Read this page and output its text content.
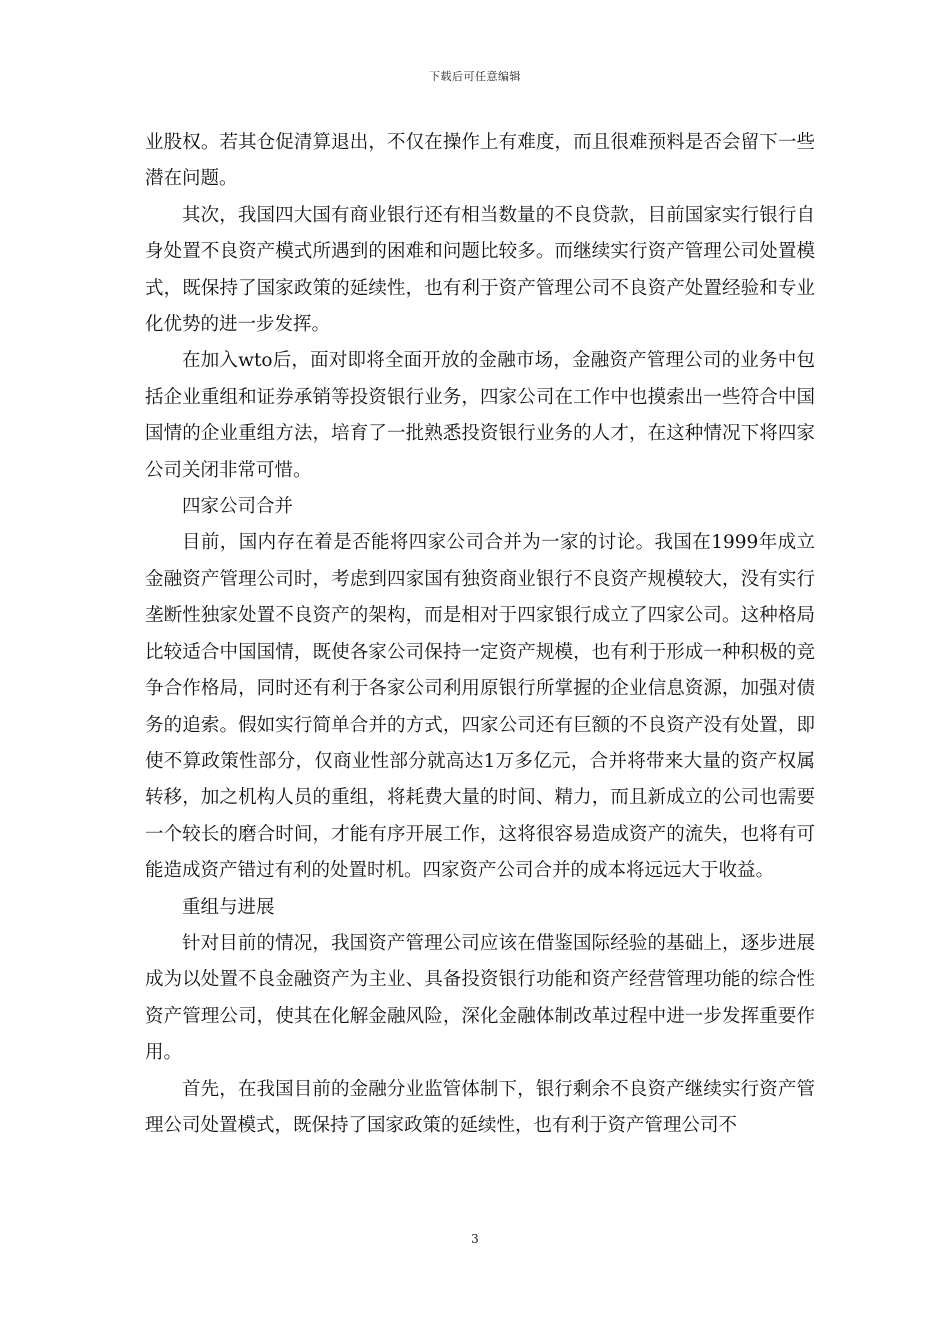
下载后可任意编辑

业股权。若其仓促清算退出，不仅在操作上有难度，而且很难预料是否会留下一些潜在问题。

其次，我国四大国有商业银行还有相当数量的不良贷款，目前国家实行银行自身处置不良资产模式所遇到的困难和问题比较多。而继续实行资产管理公司处置模式，既保持了国家政策的延续性，也有利于资产管理公司不良资产处置经验和专业化优势的进一步发挥。

在加入wto后，面对即将全面开放的金融市场，金融资产管理公司的业务中包括企业重组和证券承销等投资银行业务，四家公司在工作中也摸索出一些符合中国国情的企业重组方法，培育了一批熟悉投资银行业务的人才，在这种情况下将四家公司关闭非常可惜。

四家公司合并

目前，国内存在着是否能将四家公司合并为一家的讨论。我国在1999年成立金融资产管理公司时，考虑到四家国有独资商业银行不良资产规模较大，没有实行垄断性独家处置不良资产的架构，而是相对于四家银行成立了四家公司。这种格局比较适合中国国情，既使各家公司保持一定资产规模，也有利于形成一种积极的竞争合作格局，同时还有利于各家公司利用原银行所掌握的企业信息资源，加强对债务的追索。假如实行简单合并的方式，四家公司还有巨额的不良资产没有处置，即使不算政策性部分，仅商业性部分就高达1万多亿元，合并将带来大量的资产权属转移，加之机构人员的重组，将耗费大量的时间、精力，而且新成立的公司也需要一个较长的磨合时间，才能有序开展工作，这将很容易造成资产的流失，也将有可能造成资产错过有利的处置时机。四家资产公司合并的成本将远远大于收益。

重组与进展

针对目前的情况，我国资产管理公司应该在借鉴国际经验的基础上，逐步进展成为以处置不良金融资产为主业、具备投资银行功能和资产经营管理功能的综合性资产管理公司，使其在化解金融风险，深化金融体制改革过程中进一步发挥重要作用。

首先，在我国目前的金融分业监管体制下，银行剩余不良资产继续实行资产管理公司处置模式，既保持了国家政策的延续性，也有利于资产管理公司不

3
